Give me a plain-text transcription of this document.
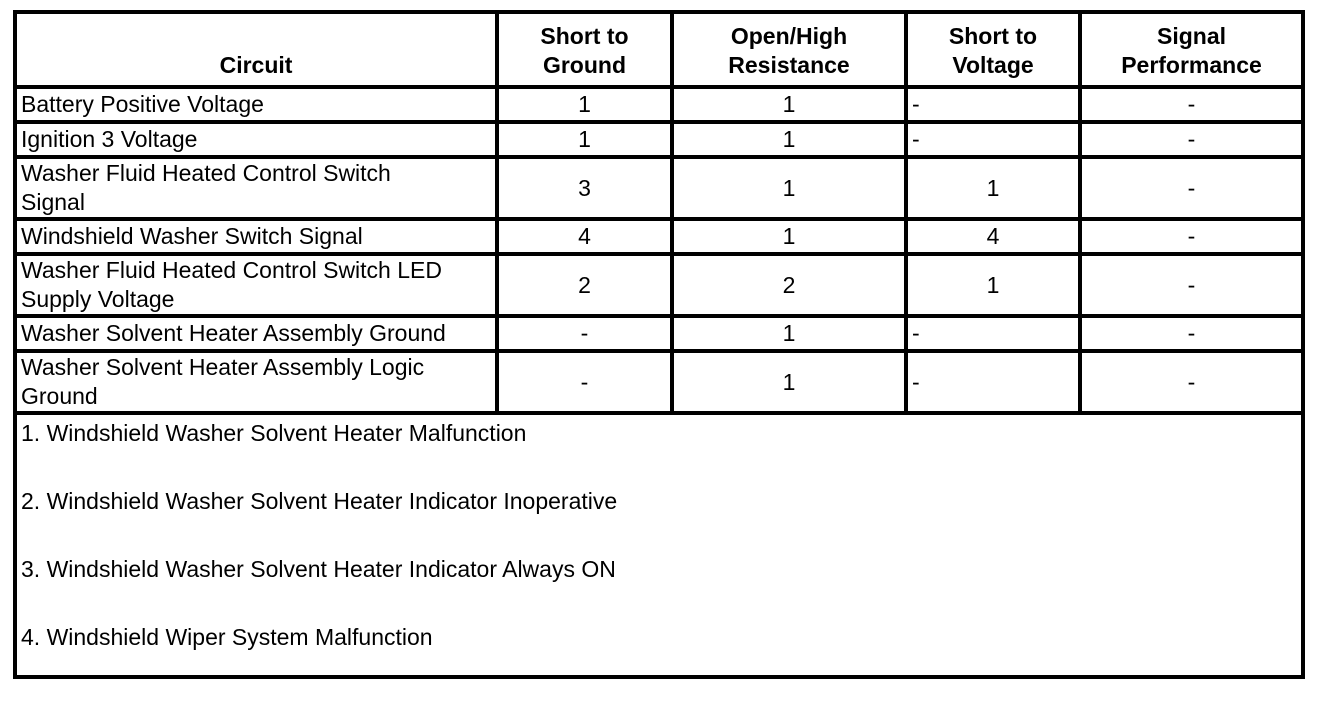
Circuit	Short to Ground	Open/High Resistance	Short to Voltage	Signal Performance
Battery Positive Voltage	1	1	-	-
Ignition 3 Voltage	1	1	-	-
Washer Fluid Heated Control Switch Signal	3	1	1	-
Windshield Washer Switch Signal	4	1	4	-
Washer Fluid Heated Control Switch LED Supply Voltage	2	2	1	-
Washer Solvent Heater Assembly Ground	-	1	-	-
Washer Solvent Heater Assembly Logic Ground	-	1	-	-

1. Windshield Washer Solvent Heater Malfunction
2. Windshield Washer Solvent Heater Indicator Inoperative
3. Windshield Washer Solvent Heater Indicator Always ON
4. Windshield Wiper System Malfunction				
